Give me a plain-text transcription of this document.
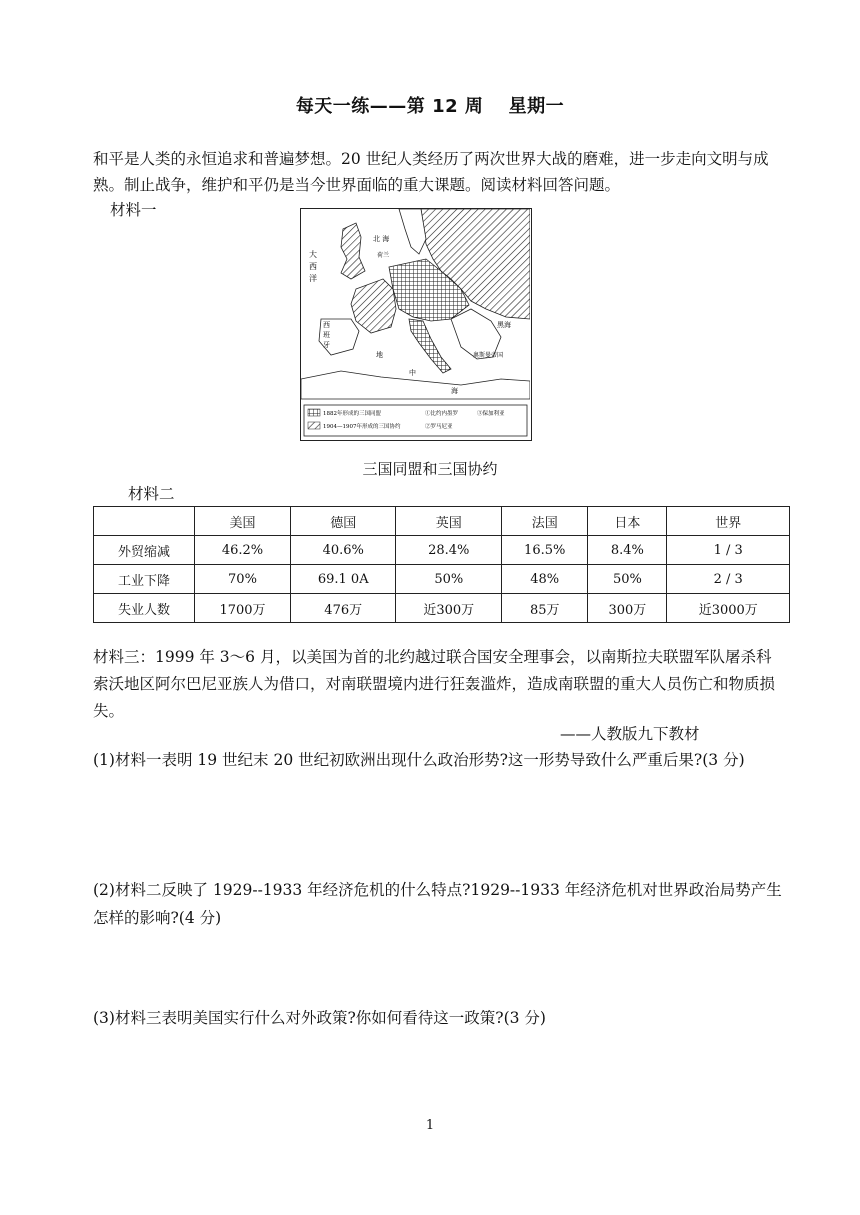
每天一练——第 12 周　 星期一
和平是人类的永恒追求和普遍梦想。20 世纪人类经历了两次世界大战的磨难，进一步走向文明与成熟。制止战争，维护和平仍是当今世界面临的重大课题。阅读材料回答问题。
材料一
大
西
洋
北 海
荷兰
西
班
牙
地
中
海
黑海
奥斯曼帝国
1882年形成的三国同盟
1904—1907年形成的三国协约
①比约内墨罗	③保加利亚
②罗马尼亚
三国同盟和三国协约
材料二
	美国	德国	英国	法国	日本	世界
外贸缩减	46.2%	40.6%	28.4%	16.5%	8.4%	1 / 3
工业下降	70%	69.1 0A	50%	48%	50%	2 / 3
失业人数	1700万	476万	近300万	85万	300万	近3000万
材料三：1999 年 3～6 月，以美国为首的北约越过联合国安全理事会，以南斯拉夫联盟军队屠杀科索沃地区阿尔巴尼亚族人为借口，对南联盟境内进行狂轰滥炸，造成南联盟的重大人员伤亡和物质损失。
——人教版九下教材
(1)材料一表明 19 世纪末 20 世纪初欧洲出现什么政治形势?这一形势导致什么严重后果?(3 分)
(2)材料二反映了 1929--1933 年经济危机的什么特点?1929--1933 年经济危机对世界政治局势产生怎样的影响?(4 分)
(3)材料三表明美国实行什么对外政策?你如何看待这一政策?(3 分)
1
